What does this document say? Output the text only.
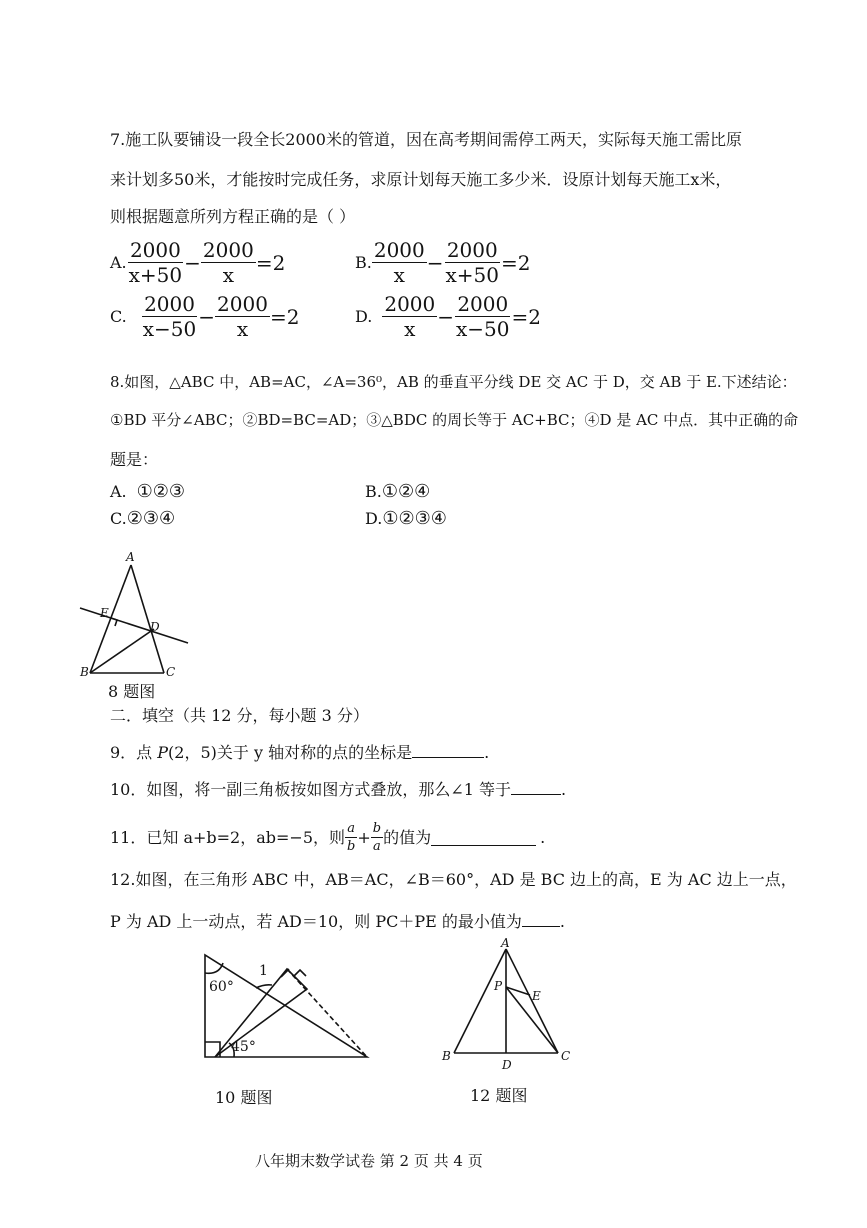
7.施工队要铺设一段全长2000米的管道，因在高考期间需停工两天，实际每天施工需比原
来计划多50米，才能按时完成任务，求原计划每天施工多少米．设原计划每天施工x米，
则根据题意所列方程正确的是（ ）
A. $\frac{2000}{x+50} - \frac{2000}{x} =2$	B. $\frac{2000}{x} - \frac{2000}{x+50} =2$
C. $\frac{2000}{x-50} - \frac{2000}{x} =2$	D. $\frac{2000}{x} - \frac{2000}{x-50} =2$
8.如图，△ABC 中，AB=AC，∠A=36⁰，AB 的垂直平分线 DE 交 AC 于 D，交 AB 于 E.下述结论：
①BD 平分∠ABC；②BD=BC=AD；③△BDC 的周长等于 AC+BC；④D 是 AC 中点．其中正确的命
题是：
A. ①②③	B. ①②④
C. ②③④	D. ①②③④
A
E
D
B	C
8 题图
二．填空（共 12 分，每小题 3 分）
9．点 P(2，5)关于 y 轴对称的点的坐标是	.
10．如图，将一副三角板按如图方式叠放，那么∠1 等于	.
11．已知 a+b=2，ab=−5，则 $\frac{a}{b} + \frac{b}{a}$ 的值为	.
12.如图，在三角形 ABC 中，AB＝AC，∠B＝60°，AD 是 BC 边上的高，E 为 AC 边上一点，
P 为 AD 上一动点，若 AD＝10，则 PC＋PE 的最小值为 .
60°
1
45°
10 题图
A
P
E
B
D
C
12 题图
八年期末数学试卷 第 2 页 共 4 页
